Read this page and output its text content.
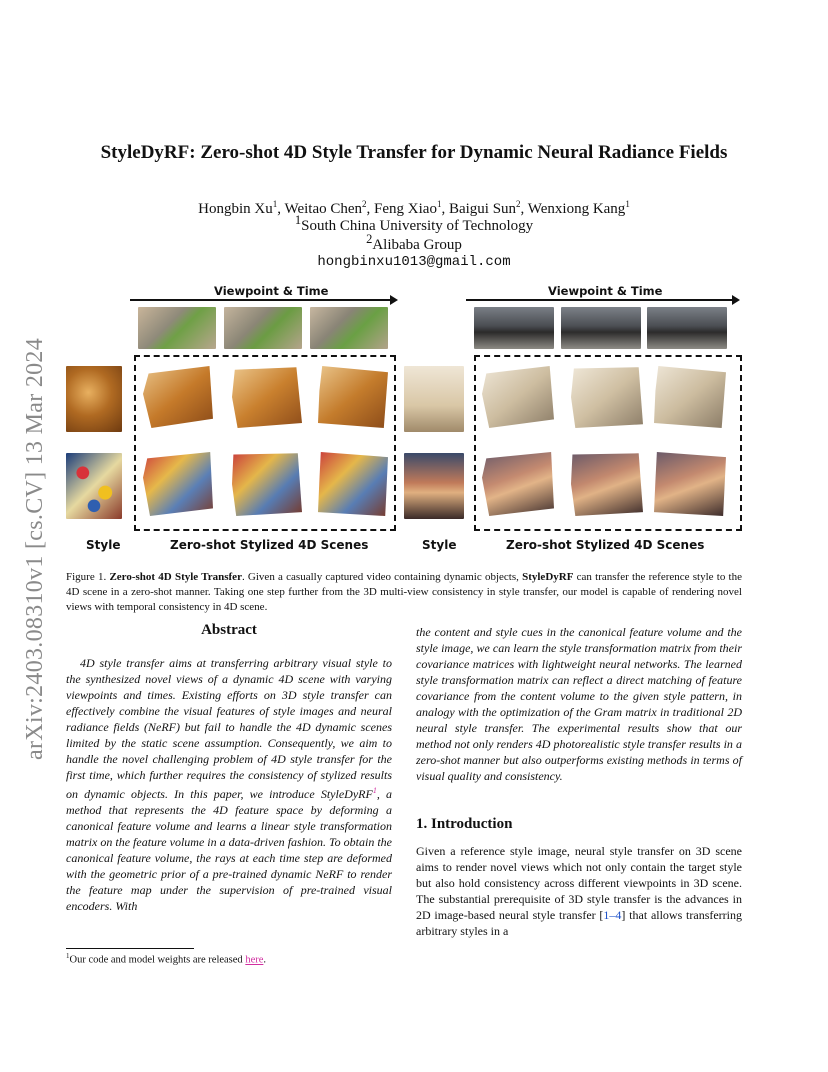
arXiv:2403.08310v1 [cs.CV] 13 Mar 2024
StyleDyRF: Zero-shot 4D Style Transfer for Dynamic Neural Radiance Fields
Hongbin Xu$^1$, Weitao Chen$^2$, Feng Xiao$^1$, Baigui Sun$^2$, Wenxiong Kang$^1$
$^1$South China University of Technology
$^2$Alibaba Group
hongbinxu1013@gmail.com
Viewpoint & Time
Style	Zero-shot Stylized 4D Scenes
Viewpoint & Time
Style	Zero-shot Stylized 4D Scenes
Figure 1. Zero-shot 4D Style Transfer. Given a casually captured video containing dynamic objects, StyleDyRF can transfer the reference style to the 4D scene in a zero-shot manner. Taking one step further from the 3D multi-view consistency in style transfer, our model is capable of rendering novel views with temporal consistency in 4D scene.
Abstract
4D style transfer aims at transferring arbitrary visual style to the synthesized novel views of a dynamic 4D scene with varying viewpoints and times. Existing efforts on 3D style transfer can effectively combine the visual features of style images and neural radiance fields (NeRF) but fail to handle the 4D dynamic scenes limited by the static scene assumption. Consequently, we aim to handle the novel challenging problem of 4D style transfer for the first time, which further requires the consistency of stylized results on dynamic objects. In this paper, we introduce StyleDyRF$^1$, a method that represents the 4D feature space by deforming a canonical feature volume and learns a linear style transformation matrix on the feature volume in a data-driven fashion. To obtain the canonical feature volume, the rays at each time step are deformed with the geometric prior of a pre-trained dynamic NeRF to render the feature map under the supervision of pre-trained visual encoders. With
the content and style cues in the canonical feature volume and the style image, we can learn the style transformation matrix from their covariance matrices with lightweight neural networks. The learned style transformation matrix can reflect a direct matching of feature covariance from the content volume to the given style pattern, in analogy with the optimization of the Gram matrix in traditional 2D neural style transfer. The experimental results show that our method not only renders 4D photorealistic style transfer results in a zero-shot manner but also outperforms existing methods in terms of visual quality and consistency.
1. Introduction
Given a reference style image, neural style transfer on 3D scene aims to render novel views which not only contain the target style but also hold consistency across different viewpoints in 3D scene. The substantial prerequisite of 3D style transfer is the advances in 2D image-based neural style transfer [1–4] that allows transferring arbitrary styles in a
$^1$Our code and model weights are released here.
